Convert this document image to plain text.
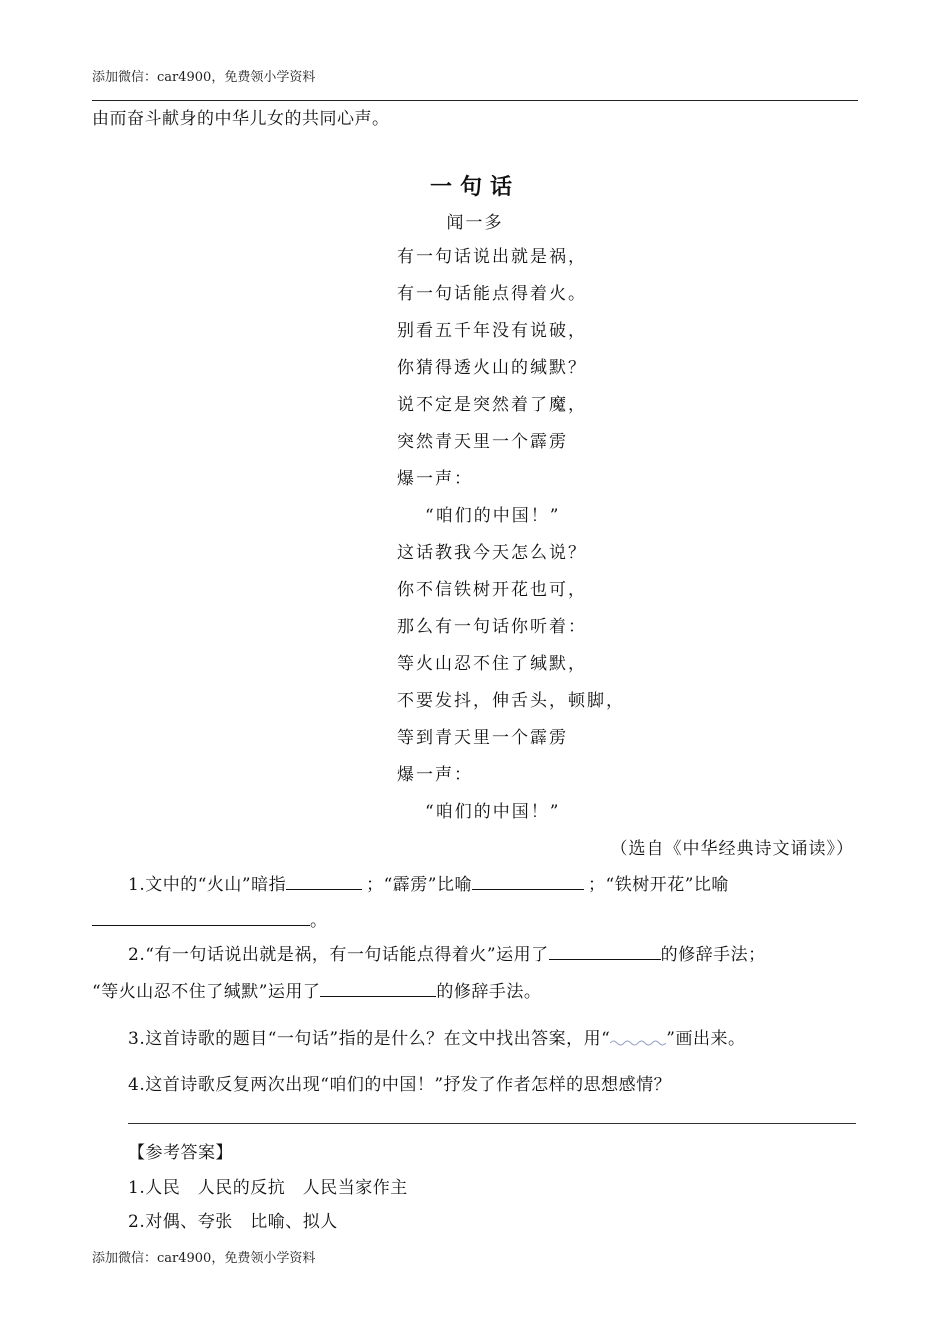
添加微信：car4900，免费领小学资料
由而奋斗献身的中华儿女的共同心声。
一句话
闻一多
有一句话说出就是祸，
有一句话能点得着火。
别看五千年没有说破，
你猜得透火山的缄默？
说不定是突然着了魔，
突然青天里一个霹雳
爆一声：
“咱们的中国！”
这话教我今天怎么说？
你不信铁树开花也可，
那么有一句话你听着：
等火山忍不住了缄默，
不要发抖，伸舌头，顿脚，
等到青天里一个霹雳
爆一声：
“咱们的中国！”
（选自《中华经典诗文诵读》）
1.文中的“火山”暗指	；“霹雳”比喻	；“铁树开花”比喻
。
2.“有一句话说出就是祸，有一句话能点得着火”运用了	的修辞手法；
“等火山忍不住了缄默”运用了	的修辞手法。
3.这首诗歌的题目“一句话”指的是什么？在文中找出答案，用“	”画出来。
4.这首诗歌反复两次出现“咱们的中国！”抒发了作者怎样的思想感情？
【参考答案】
1.人民　人民的反抗　人民当家作主
2.对偶、夸张　比喻、拟人
添加微信：car4900，免费领小学资料
